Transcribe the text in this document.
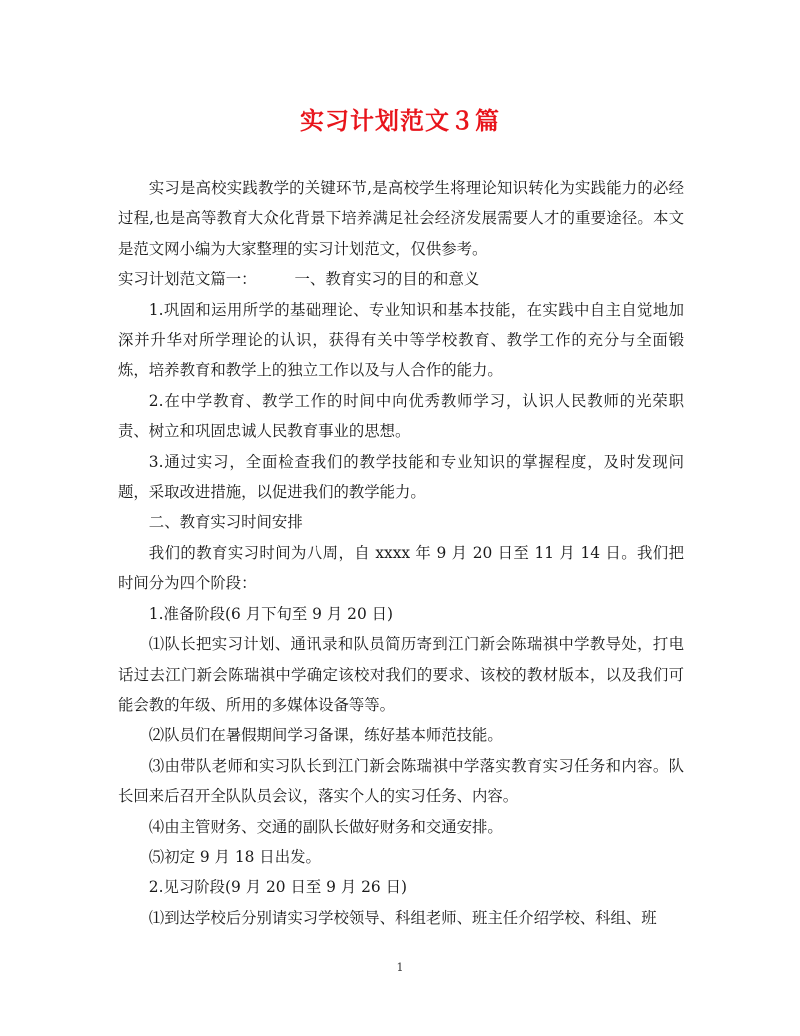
实习计划范文３篇

实习是高校实践教学的关键环节,是高校学生将理论知识转化为实践能力的必经过程,也是高等教育大众化背景下培养满足社会经济发展需要人才的重要途径。本文是范文网小编为大家整理的实习计划范文，仅供参考。

实习计划范文篇一： 一、教育实习的目的和意义

1.巩固和运用所学的基础理论、专业知识和基本技能，在实践中自主自觉地加深并升华对所学理论的认识，获得有关中等学校教育、教学工作的充分与全面锻炼，培养教育和教学上的独立工作以及与人合作的能力。

2.在中学教育、教学工作的时间中向优秀教师学习，认识人民教师的光荣职责、树立和巩固忠诚人民教育事业的思想。

3.通过实习，全面检查我们的教学技能和专业知识的掌握程度，及时发现问题，采取改进措施，以促进我们的教学能力。

二、教育实习时间安排

我们的教育实习时间为八周，自 xxxx 年 9 月 20 日至 11 月 14 日。我们把时间分为四个阶段：

1.准备阶段(6 月下旬至 9 月 20 日)

⑴队长把实习计划、通讯录和队员简历寄到江门新会陈瑞祺中学教导处，打电话过去江门新会陈瑞祺中学确定该校对我们的要求、该校的教材版本，以及我们可能会教的年级、所用的多媒体设备等等。

⑵队员们在暑假期间学习备课，练好基本师范技能。

⑶由带队老师和实习队长到江门新会陈瑞祺中学落实教育实习任务和内容。队长回来后召开全队队员会议，落实个人的实习任务、内容。

⑷由主管财务、交通的副队长做好财务和交通安排。

⑸初定 9 月 18 日出发。

2.见习阶段(9 月 20 日至 9 月 26 日)

⑴到达学校后分别请实习学校领导、科组老师、班主任介绍学校、科组、班

1
